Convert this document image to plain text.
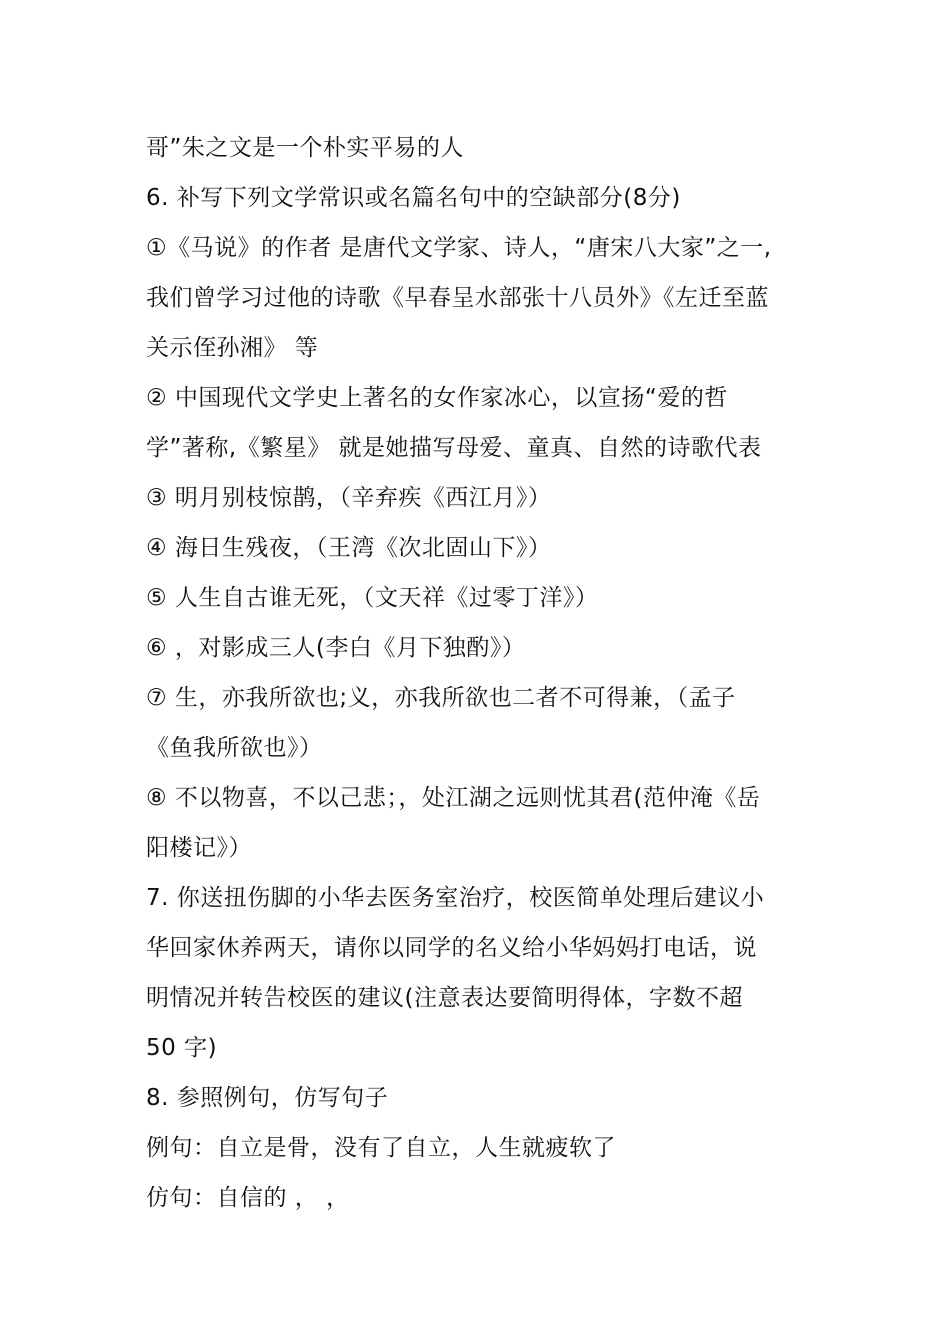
哥”朱之文是一个朴实平易的人
6. 补写下列文学常识或名篇名句中的空缺部分(8分)
①《马说》的作者 是唐代文学家、诗人，“唐宋八大家”之一,
我们曾学习过他的诗歌《早春呈水部张十八员外》《左迁至蓝
关示侄孙湘》 等
② 中国现代文学史上著名的女作家冰心，以宣扬“爱的哲
学”著称,《繁星》 就是她描写母爱、童真、自然的诗歌代表
③ 明月别枝惊鹊，（辛弃疾《西江月》）
④ 海日生残夜，（王湾《次北固山下》）
⑤ 人生自古谁无死，（文天祥《过零丁洋》）
⑥ ，对影成三人(李白《月下独酌》）
⑦ 生，亦我所欲也;义，亦我所欲也二者不可得兼，（孟子
《鱼我所欲也》）
⑧ 不以物喜，不以己悲；，处江湖之远则忧其君(范仲淹《岳
阳楼记》）
7. 你送扭伤脚的小华去医务室治疗，校医简单处理后建议小
华回家休养两天，请你以同学的名义给小华妈妈打电话，说
明情况并转告校医的建议(注意表达要简明得体，字数不超
50 字)
8. 参照例句，仿写句子
例句：自立是骨，没有了自立，人生就疲软了
仿句：自信的 ， ，
